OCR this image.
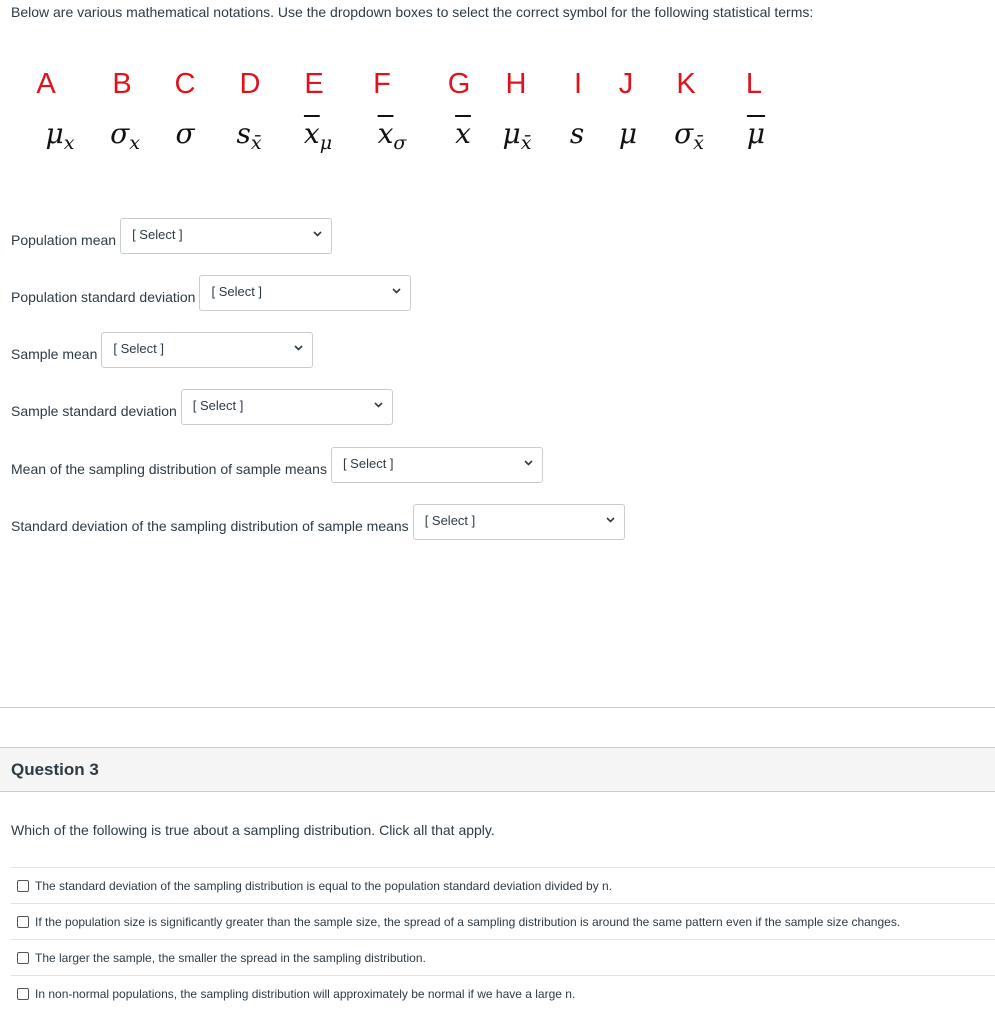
Below are various mathematical notations. Use the dropdown boxes to select the correct symbol for the following statistical terms:
A B C D E F G H I J K L
$\mu_x$ $\sigma_x$ σ $s_{x̄}$ $\overline{x}_\mu$ $\overline{x}_\sigma$ $\overline{x}$ $\mu_{x̄}$ s μ $\sigma_{x̄}$ $\overline{\mu}$
Population mean [ Select ]
Population standard deviation [ Select ]
Sample mean [ Select ]
Sample standard deviation [ Select ]
Mean of the sampling distribution of sample means [ Select ]
Standard deviation of the sampling distribution of sample means [ Select ]
Question 3
Which of the following is true about a sampling distribution. Click all that apply.
The standard deviation of the sampling distribution is equal to the population standard deviation divided by n.
If the population size is significantly greater than the sample size, the spread of a sampling distribution is around the same pattern even if the sample size changes.
The larger the sample, the smaller the spread in the sampling distribution.
In non-normal populations, the sampling distribution will approximately be normal if we have a large n.
